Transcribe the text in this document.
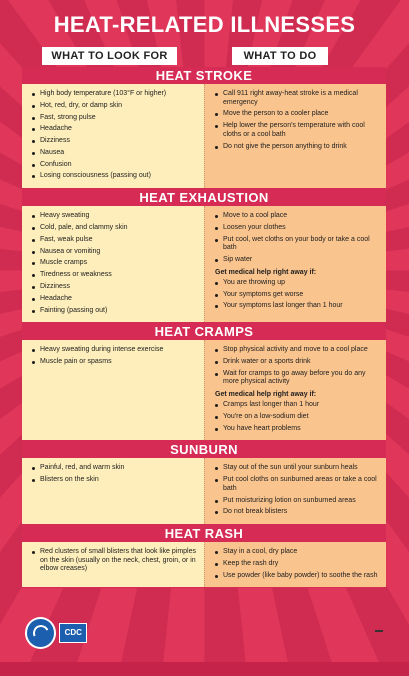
HEAT-RELATED ILLNESSES
WHAT TO LOOK FOR	WHAT TO DO
HEAT STROKE
High body temperature (103°F or higher)
Hot, red, dry, or damp skin
Fast, strong pulse
Headache
Dizziness
Nausea
Confusion
Losing consciousness (passing out)
Call 911 right away-heat stroke is a medical emergency
Move the person to a cooler place
Help lower the person's temperature with cool cloths or a cool bath
Do not give the person anything to drink
HEAT EXHAUSTION
Heavy sweating
Cold, pale, and clammy skin
Fast, weak pulse
Nausea or vomiting
Muscle cramps
Tiredness or weakness
Dizziness
Headache
Fainting (passing out)
Move to a cool place
Loosen your clothes
Put cool, wet cloths on your body or take a cool bath
Sip water
Get medical help right away if:
You are throwing up
Your symptoms get worse
Your symptoms last longer than 1 hour
HEAT CRAMPS
Heavy sweating during intense exercise
Muscle pain or spasms
Stop physical activity and move to a cool place
Drink water or a sports drink
Wait for cramps to go away before you do any more physical activity
Get medical help right away if:
Cramps last longer than 1 hour
You're on a low-sodium diet
You have heart problems
SUNBURN
Painful, red, and warm skin
Blisters on the skin
Stay out of the sun until your sunburn heals
Put cool cloths on sunburned areas or take a cool bath
Put moisturizing lotion on sunburned areas
Do not break blisters
HEAT RASH
Red clusters of small blisters that look like pimples on the skin (usually on the neck, chest, groin, or in elbow creases)
Stay in a cool, dry place
Keep the rash dry
Use powder (like baby powder) to soothe the rash
CDC
